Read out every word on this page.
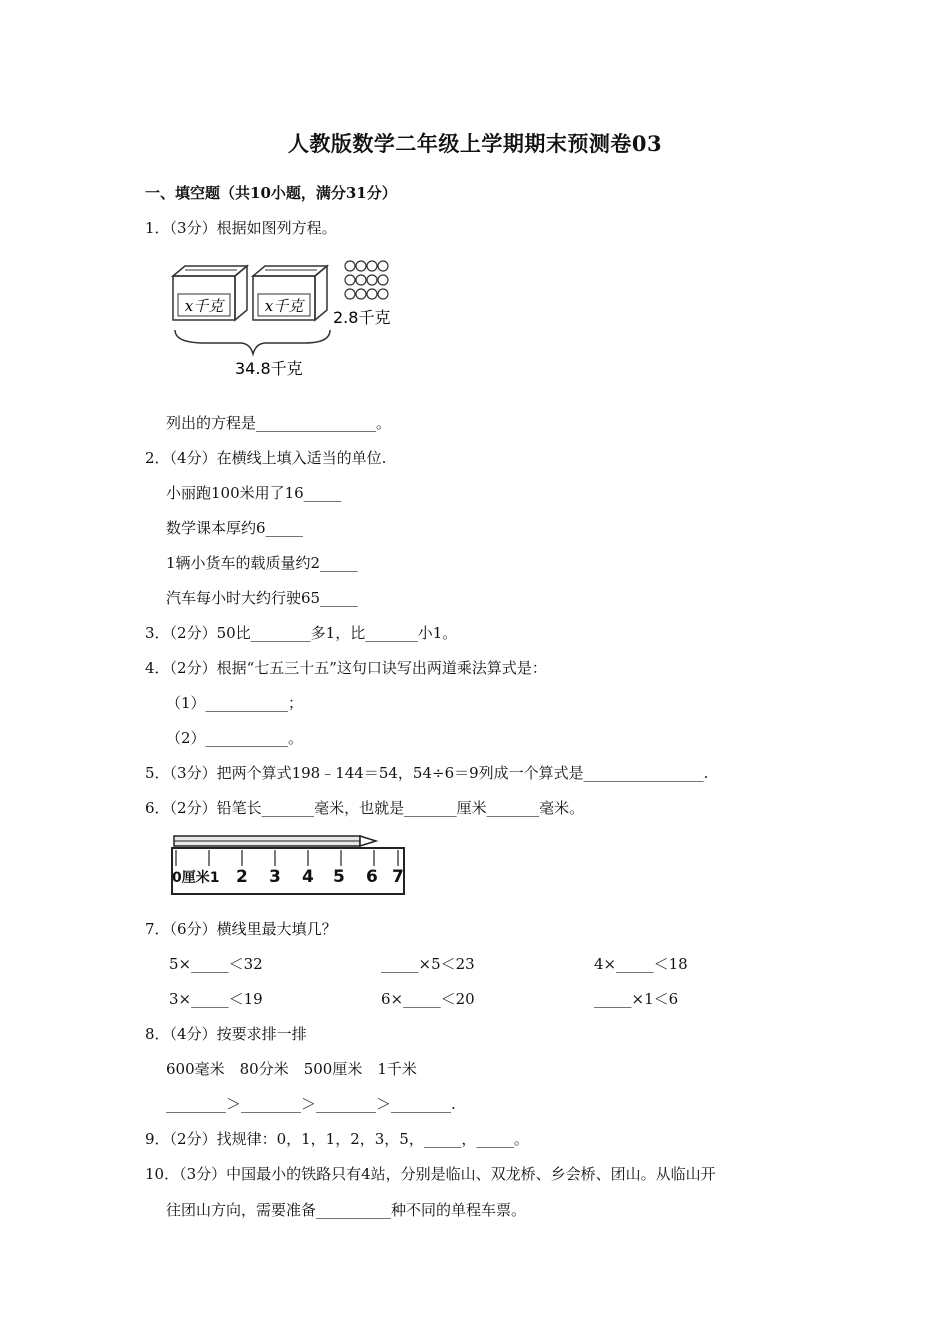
人教版数学二年级上学期期末预测卷03
一、填空题（共10小题，满分31分）
1．（3分）根据如图列方程。
x千克	x千克
2.8千克
34.8千克
列出的方程是________________。
2．（4分）在横线上填入适当的单位.
小丽跑100米用了16_____
数学课本厚约6_____
1辆小货车的载质量约2_____
汽车每小时大约行驶65_____
3．（2分）50比________多1，比_______小1。
4．（2分）根据“七五三十五”这句口诀写出两道乘法算式是：
（1）___________；
（2）___________。
5．（3分）把两个算式198﹣144＝54，54÷6＝9列成一个算式是________________.
6．（2分）铅笔长_______毫米，也就是_______厘米_______毫米。
0厘米1 2 3 4 5 6 7
7．（6分）横线里最大填几？
5×_____＜32	_____×5＜23	4×_____＜18
3×_____＜19	6×_____＜20	_____×1＜6
8．（4分）按要求排一排
600毫米　80分米　500厘米　1千米
________＞________＞________＞________.
9．（2分）找规律：0，1，1，2，3，5，_____，_____。
10．（3分）中国最小的铁路只有4站，分别是临山、双龙桥、乡会桥、团山。从临山开
往团山方向，需要准备__________种不同的单程车票。
